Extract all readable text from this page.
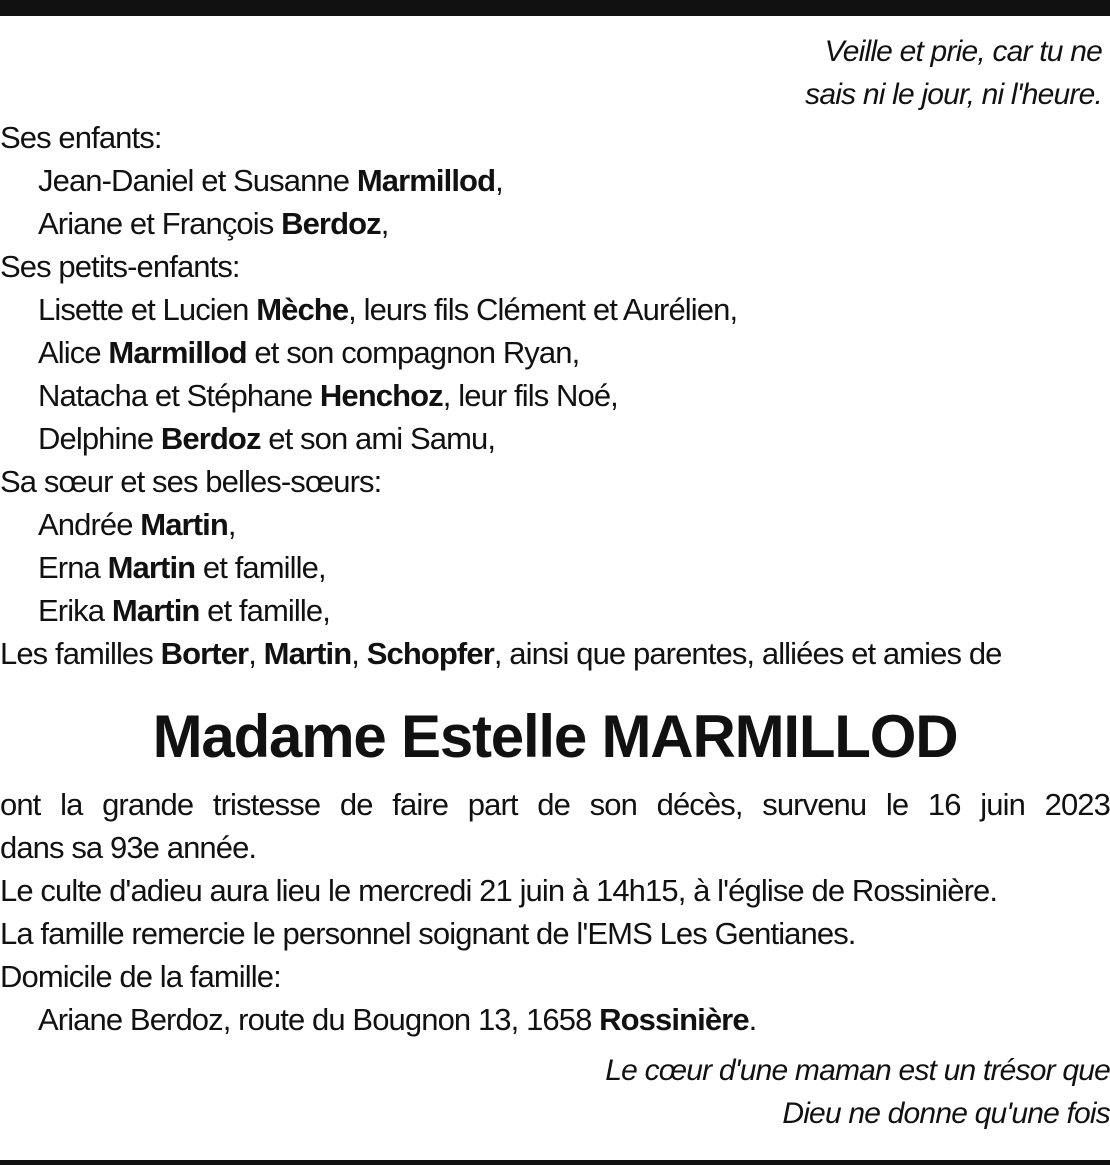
Veille et prie, car tu ne
sais ni le jour, ni l'heure.
Ses enfants:
Jean-Daniel et Susanne Marmillod,
Ariane et François Berdoz,
Ses petits-enfants:
Lisette et Lucien Mèche, leurs fils Clément et Aurélien,
Alice Marmillod et son compagnon Ryan,
Natacha et Stéphane Henchoz, leur fils Noé,
Delphine Berdoz et son ami Samu,
Sa sœur et ses belles-sœurs:
Andrée Martin,
Erna Martin et famille,
Erika Martin et famille,
Les familles Borter, Martin, Schopfer, ainsi que parentes, alliées et amies de
Madame Estelle MARMILLOD
ont la grande tristesse de faire part de son décès, survenu le 16 juin 2023
dans sa 93e année.
Le culte d'adieu aura lieu le mercredi 21 juin à 14h15, à l'église de Rossinière.
La famille remercie le personnel soignant de l'EMS Les Gentianes.
Domicile de la famille:
Ariane Berdoz, route du Bougnon 13, 1658 Rossinière.
Le cœur d'une maman est un trésor que
Dieu ne donne qu'une fois
